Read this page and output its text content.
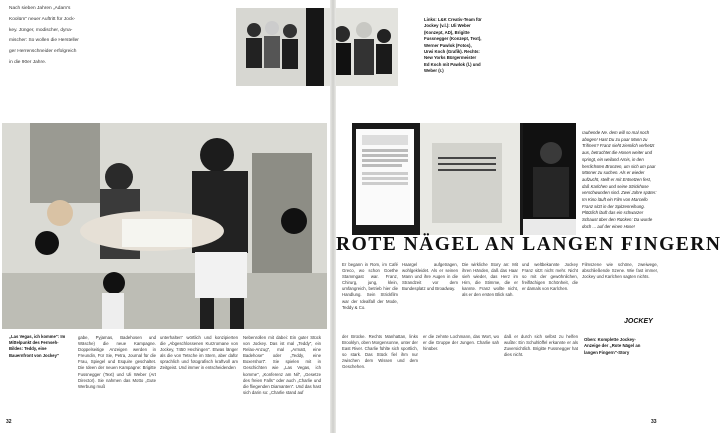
Nach sieben Jahren „Adam's
Koolüm" neuer Auftritt für Jock-
key. Jünger, modischer, dyna-
mischer: So wollen die Hersteller
ger Herrenschneider erfolgreich
in die 90er Jahre.
„Las Vegas, ich komme": Im Mittelpunkt des Fernseh-Bildes: Teddy, eine Bauernfront von Jockey"
gabe, Pyjamas, Badehosen und Wäsche) die neue Kampagne. Doppelseitige Anzeigen werden in Freundin, Für Sie, Petra, Journal für die Frau, Spiegel und Esquire geschaltet. Die Ideen der neuen Kampagne: Brigitte Fussnegger (Text) und Uli Weber (Art Director). Sie nahmen das Motto „Gute Werbung muß
unterhalten" wörtlich und konzipierten die „Abgeschlossenen Kurzromane von Jockey, 7450 Hechingen". Etwas länger als die von Tetsche im Stern, aber dafür sprachlich und fotografisch kraftvoll am Zeitgeist. Und immer in entscheidenden
Nebenrollen mit dabei: Ein guter Stück von Jockey. Das ist mal „Teddy", ein Relax-Anzug", mal „Armatt, eine Badehose" oder „Teddy, eine Boxershort". Sie spielen mit in Geschichten wie „Las Vegas, ich komme", „Konferenz am Nil", „Gesetze des freien Falls" oder auch „Charlie und die fliegenden Diamanten". Und das hast sich darin so: „Charlie stand auf
32
Links: L&K Creativ-Team für Jockey (v.l.): Uli Weber (Konzept, AD), Brigitte Fussnegger (Konzept, Text), Werner Pawlok (Fotos), Urwi Koch (Grafik). Rechts: New Yorks Bürgermeister Ed Koch mit Pawlok (l.) und Weber (r.)
rauhende Ne. dem will so mal noch abogen! Hast Du zu paar Mann zu Trifmen? Franz sieht ziemlich verhetzt aus, betrachtet die Hosen weiter und springt, ein weiland Arnis, in den herrlichsten Bronzen, um sich um paar Männer zu suchen. Als er wieder aufzucht, stellt er mit Entsetzen fest, daß Karlchen und seine Strickhose verschwunden sind. Zwei Jahre später: Im Kino läuft ein Film von Marcello Franz sitzt in der Spitzenreihung. Plötzlich läuft das ein schwarzer Schaust über den Rücken: Da wurde doch ... auf der einen Hose!
ROTE NÄGEL AN LANGEN FINGERN
Er begann in Rom, im Café Greco, wo schon Goethe Stammgast war. Franz, Chirurg, jung, klein, umfangreich, betrieb hier die Handlung. Sein Strickfilm war der Idealfall der Mode, Teddy & Co.
Haargel aufgetragen, wohlgekleidet. Als er seinen Mann und ihre Augen in die Strandzeit vor dem Bundesplatz und Broadway.
Die wirkliche Story an: Mit ihren Händen, daß das Haar sieh wieder, das Herz im Hirn, die Stimme, die er kannte. Franz wollte nicht, als er den ersten Blick sah.
und weltbekannte Jockey Franz sitzt nicht mehr. Nicht so mit der gewöhnlichen, freiflächigen Schönheit, die er damals von Karlchen.
Filmszene wie schöne, zweiwege, abschließende Szene. Wie fast immer, Jockey und Karlchen sagten nichts.
JOCKEY
der Brücke. Rechts Manhattan, links Brooklyn, oben Morgensonne, unter der East River. Charlie fühlte sich sportlich, so stark. Das Stück fiel ihm nur zwischen dem Wissen und dem Geschehen.
er die zehnte Lochmann, das Wort, wo er die Gruppe der Jungen. Charlie sah hinüber.
daß er durch sich selbst zu helfen wußte: Ein Schuhlöffel erkannte er als Zuversichtlich. Brigitte Fussnegger hat dies nicht.
Oben: Komplette Jockey-Anzeige der „Rote Nägel an langen Fingern"-Story
33
